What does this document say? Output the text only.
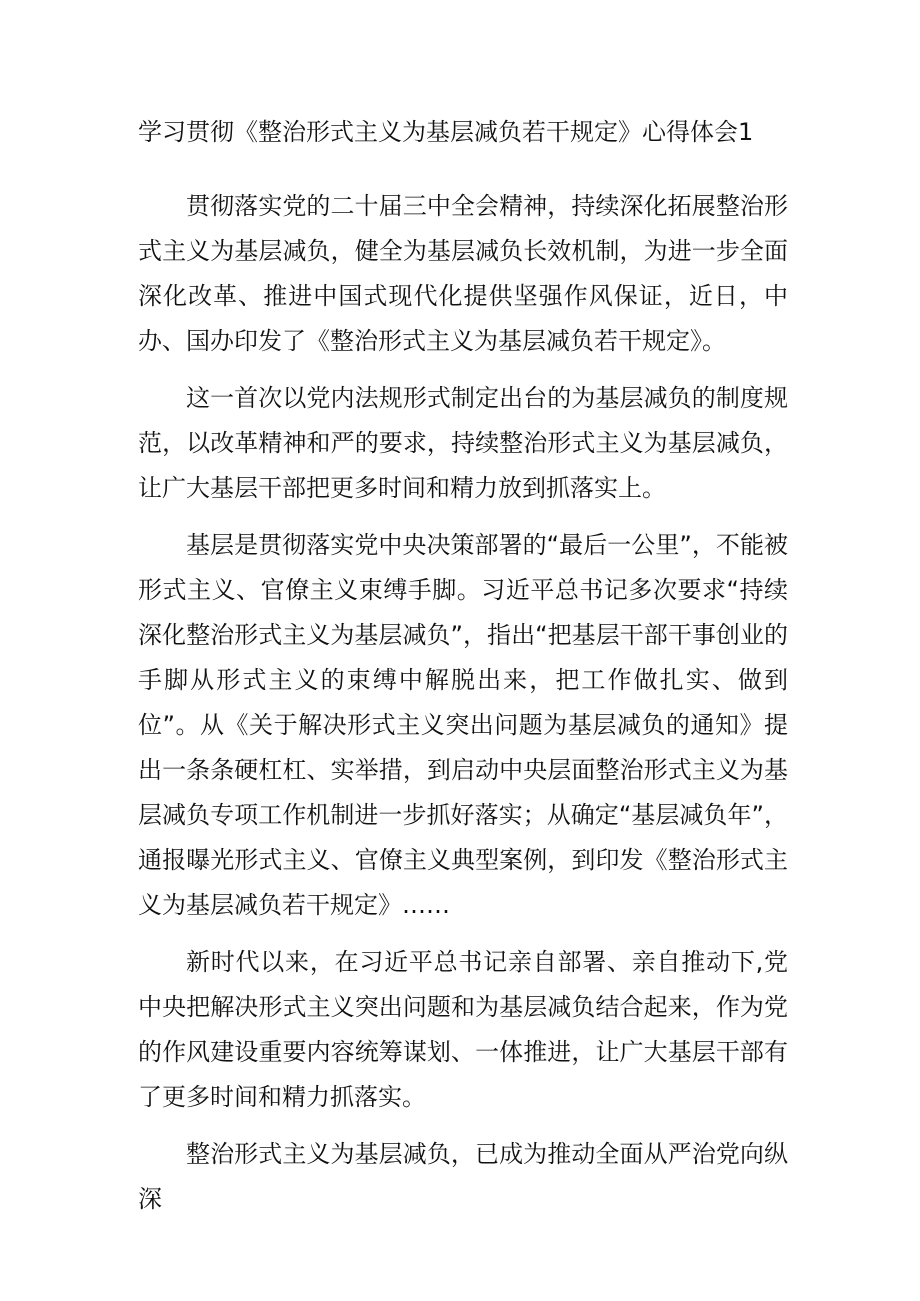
学习贯彻《整治形式主义为基层减负若干规定》心得体会1

贯彻落实党的二十届三中全会精神，持续深化拓展整治形式主义为基层减负，健全为基层减负长效机制，为进一步全面深化改革、推进中国式现代化提供坚强作风保证，近日，中办、国办印发了《整治形式主义为基层减负若干规定》。

这一首次以党内法规形式制定出台的为基层减负的制度规范，以改革精神和严的要求，持续整治形式主义为基层减负，让广大基层干部把更多时间和精力放到抓落实上。

基层是贯彻落实党中央决策部署的“最后一公里”，不能被形式主义、官僚主义束缚手脚。习近平总书记多次要求“持续深化整治形式主义为基层减负”，指出“把基层干部干事创业的手脚从形式主义的束缚中解脱出来，把工作做扎实、做到位”。从《关于解决形式主义突出问题为基层减负的通知》提出一条条硬杠杠、实举措，到启动中央层面整治形式主义为基层减负专项工作机制进一步抓好落实；从确定“基层减负年”，通报曝光形式主义、官僚主义典型案例，到印发《整治形式主义为基层减负若干规定》……

新时代以来，在习近平总书记亲自部署、亲自推动下,党中央把解决形式主义突出问题和为基层减负结合起来，作为党的作风建设重要内容统筹谋划、一体推进，让广大基层干部有了更多时间和精力抓落实。

整治形式主义为基层减负，已成为推动全面从严治党向纵深
